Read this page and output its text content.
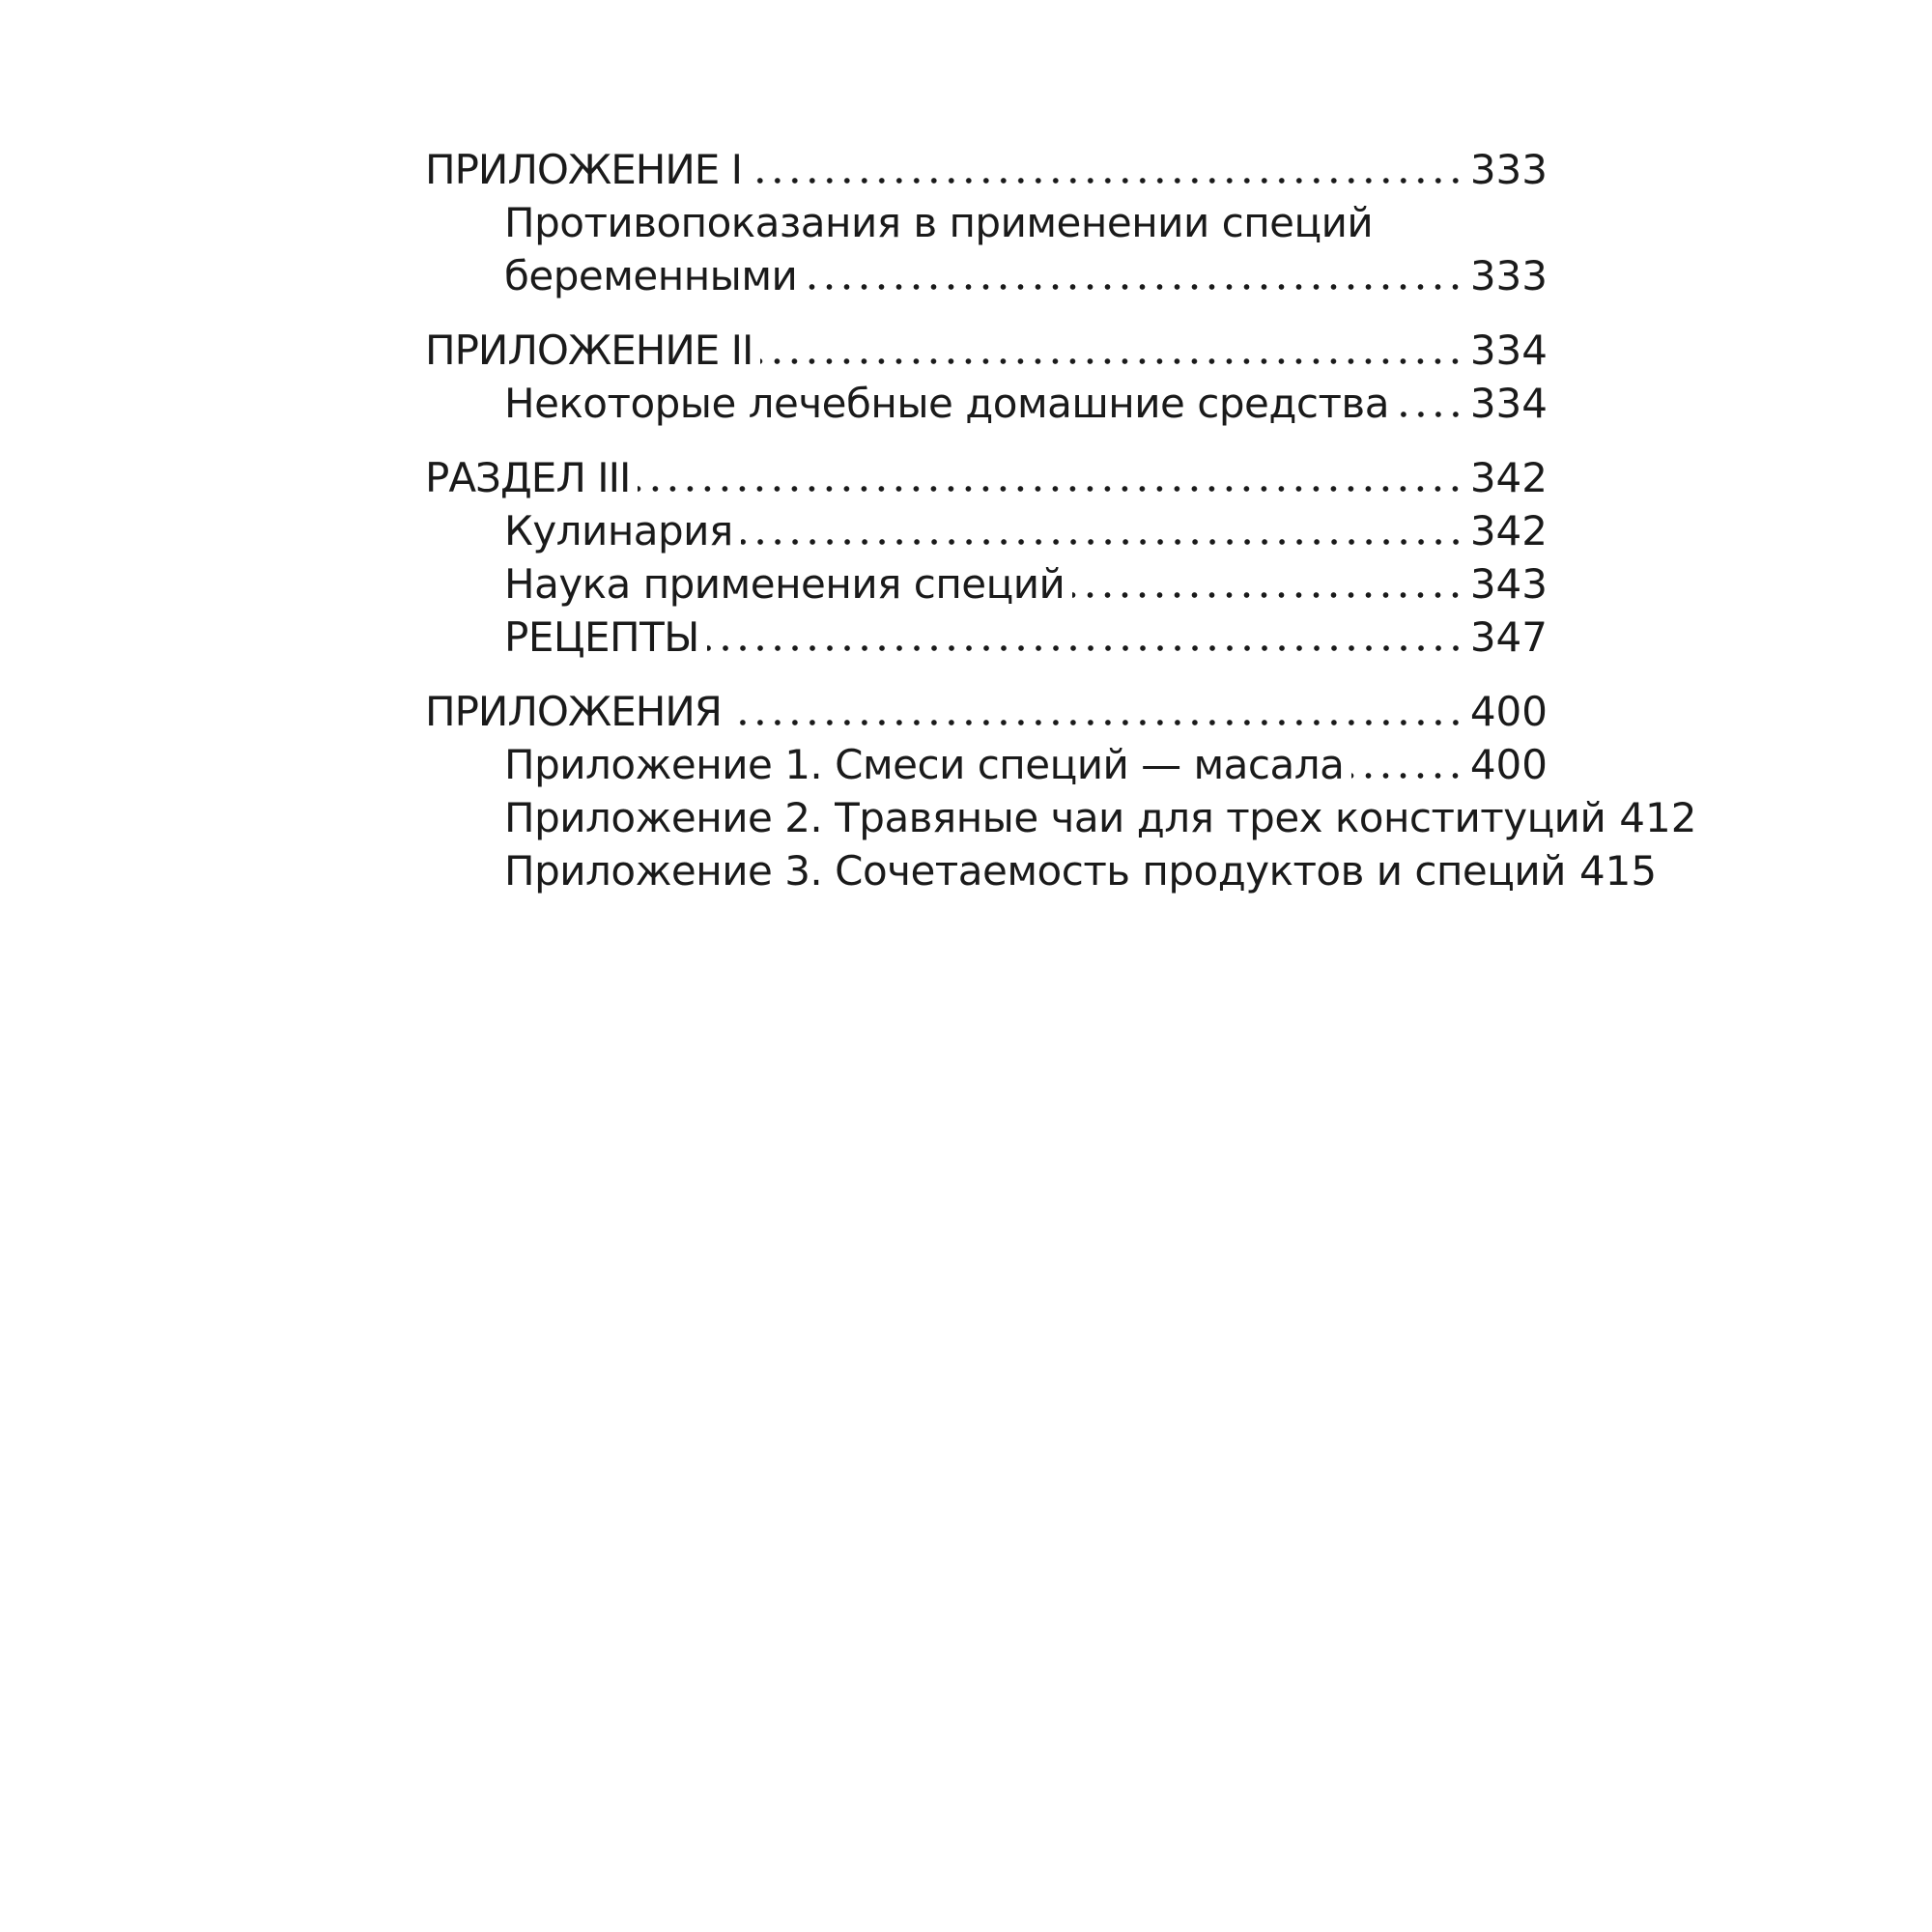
ПРИЛОЖЕНИЕ I	333
Противопоказания в применении специй
беременными	333
ПРИЛОЖЕНИЕ II	334
Некоторые лечебные домашние средства 334
РАЗДЕЛ III	342
Кулинария	342
Наука применения специй	343
РЕЦЕПТЫ	347
ПРИЛОЖЕНИЯ	400
Приложение 1. Смеси специй — масала	400
Приложение 2. Травяные чаи для трех конституций 412
Приложение 3. Сочетаемость продуктов и специй 415
